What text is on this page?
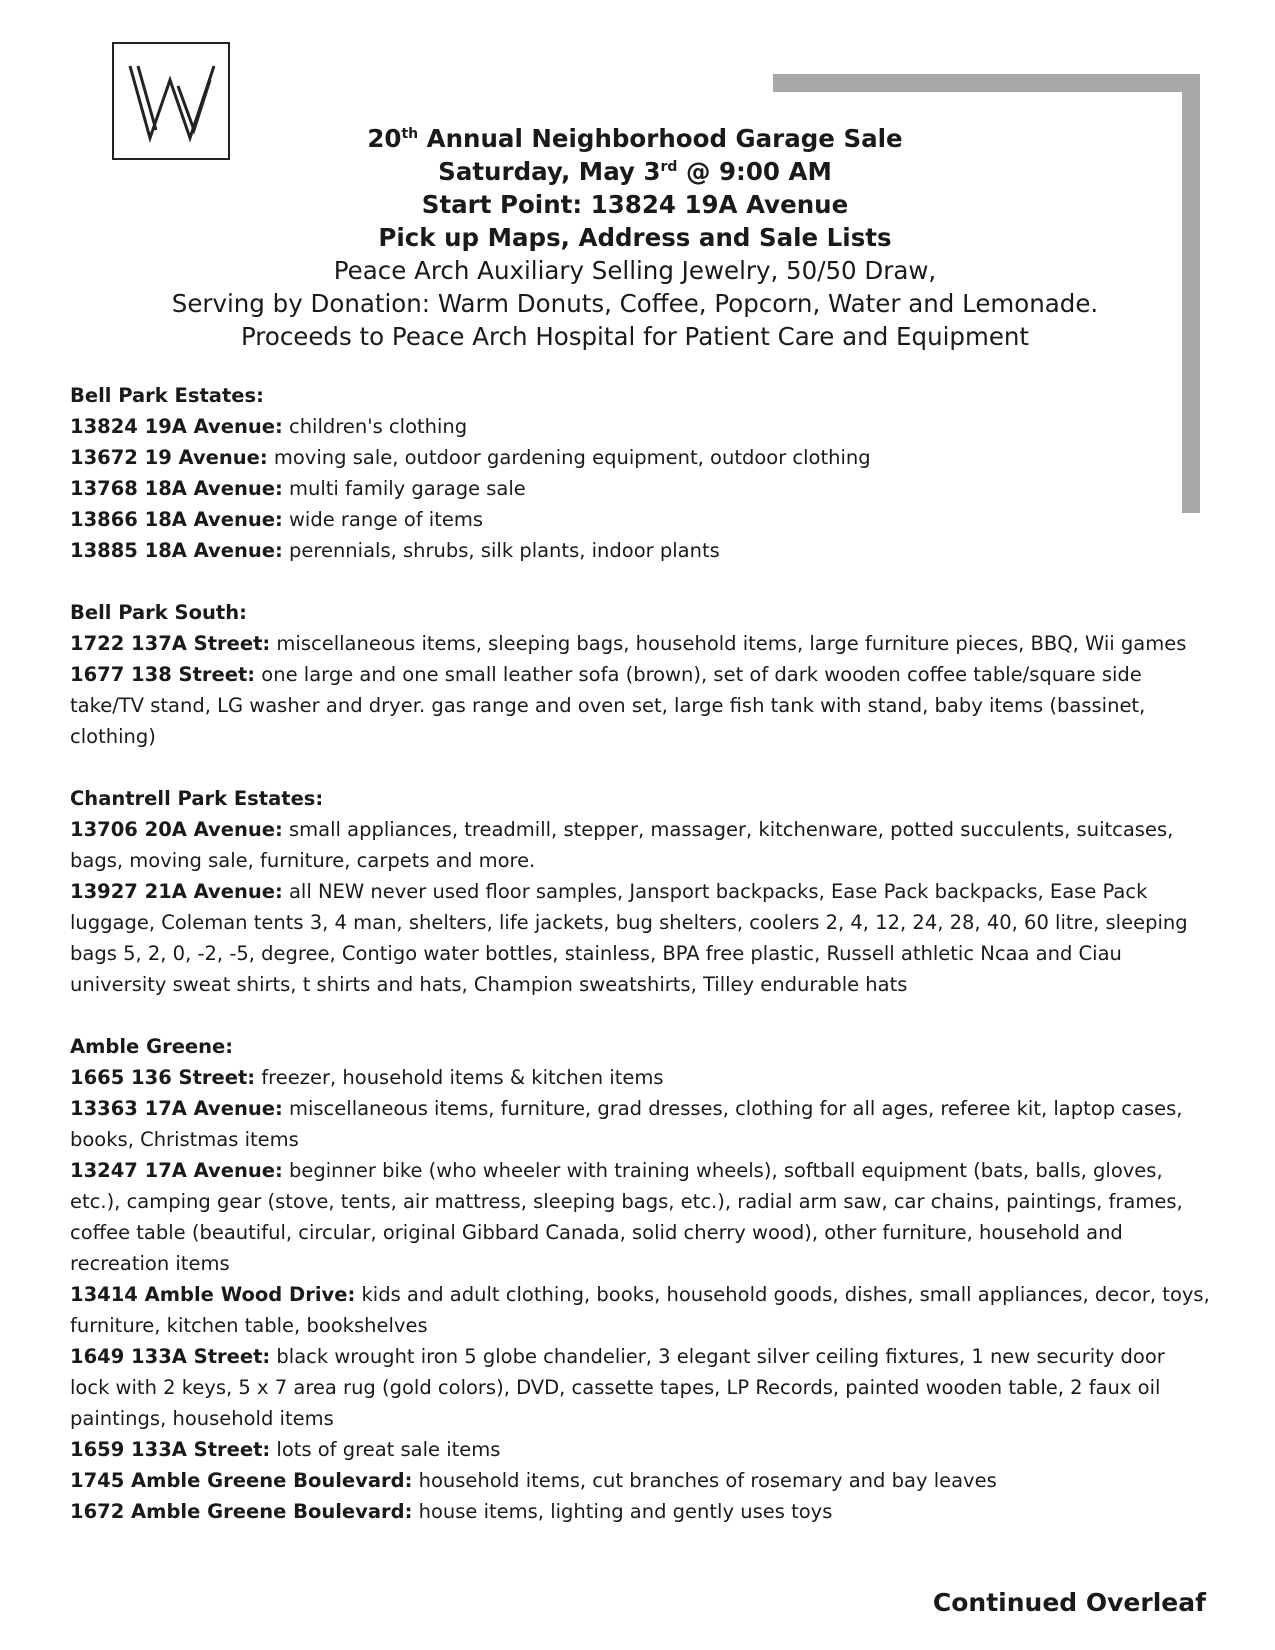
20th Annual Neighborhood Garage Sale
Saturday, May 3rd @ 9:00 AM
Start Point: 13824 19A Avenue
Pick up Maps, Address and Sale Lists
Peace Arch Auxiliary Selling Jewelry, 50/50 Draw,
Serving by Donation: Warm Donuts, Coffee, Popcorn, Water and Lemonade.
Proceeds to Peace Arch Hospital for Patient Care and Equipment
Bell Park Estates:
13824 19A Avenue: children's clothing
13672 19 Avenue: moving sale, outdoor gardening equipment, outdoor clothing
13768 18A Avenue: multi family garage sale
13866 18A Avenue: wide range of items
13885 18A Avenue: perennials, shrubs, silk plants, indoor plants
Bell Park South:
1722 137A Street: miscellaneous items, sleeping bags, household items, large furniture pieces, BBQ, Wii games
1677 138 Street: one large and one small leather sofa (brown), set of dark wooden coffee table/square side take/TV stand, LG washer and dryer. gas range and oven set, large fish tank with stand, baby items (bassinet, clothing)
Chantrell Park Estates:
13706 20A Avenue: small appliances, treadmill, stepper, massager, kitchenware, potted succulents, suitcases, bags, moving sale, furniture, carpets and more.
13927 21A Avenue: all NEW never used floor samples, Jansport backpacks, Ease Pack backpacks, Ease Pack luggage, Coleman tents 3, 4 man, shelters, life jackets, bug shelters, coolers 2, 4, 12, 24, 28, 40, 60 litre, sleeping bags 5, 2, 0, -2, -5, degree, Contigo water bottles, stainless, BPA free plastic, Russell athletic Ncaa and Ciau university sweat shirts, t shirts and hats, Champion sweatshirts, Tilley endurable hats
Amble Greene:
1665 136 Street: freezer, household items & kitchen items
13363 17A Avenue: miscellaneous items, furniture, grad dresses, clothing for all ages, referee kit, laptop cases, books, Christmas items
13247 17A Avenue: beginner bike (who wheeler with training wheels), softball equipment (bats, balls, gloves, etc.), camping gear (stove, tents, air mattress, sleeping bags, etc.), radial arm saw, car chains, paintings, frames, coffee table (beautiful, circular, original Gibbard Canada, solid cherry wood), other furniture, household and recreation items
13414 Amble Wood Drive: kids and adult clothing, books, household goods, dishes, small appliances, decor, toys, furniture, kitchen table, bookshelves
1649 133A Street: black wrought iron 5 globe chandelier, 3 elegant silver ceiling fixtures, 1 new security door lock with 2 keys, 5 x 7 area rug (gold colors), DVD, cassette tapes, LP Records, painted wooden table, 2 faux oil paintings, household items
1659 133A Street: lots of great sale items
1745 Amble Greene Boulevard: household items, cut branches of rosemary and bay leaves
1672 Amble Greene Boulevard: house items, lighting and gently uses toys
Continued Overleaf
